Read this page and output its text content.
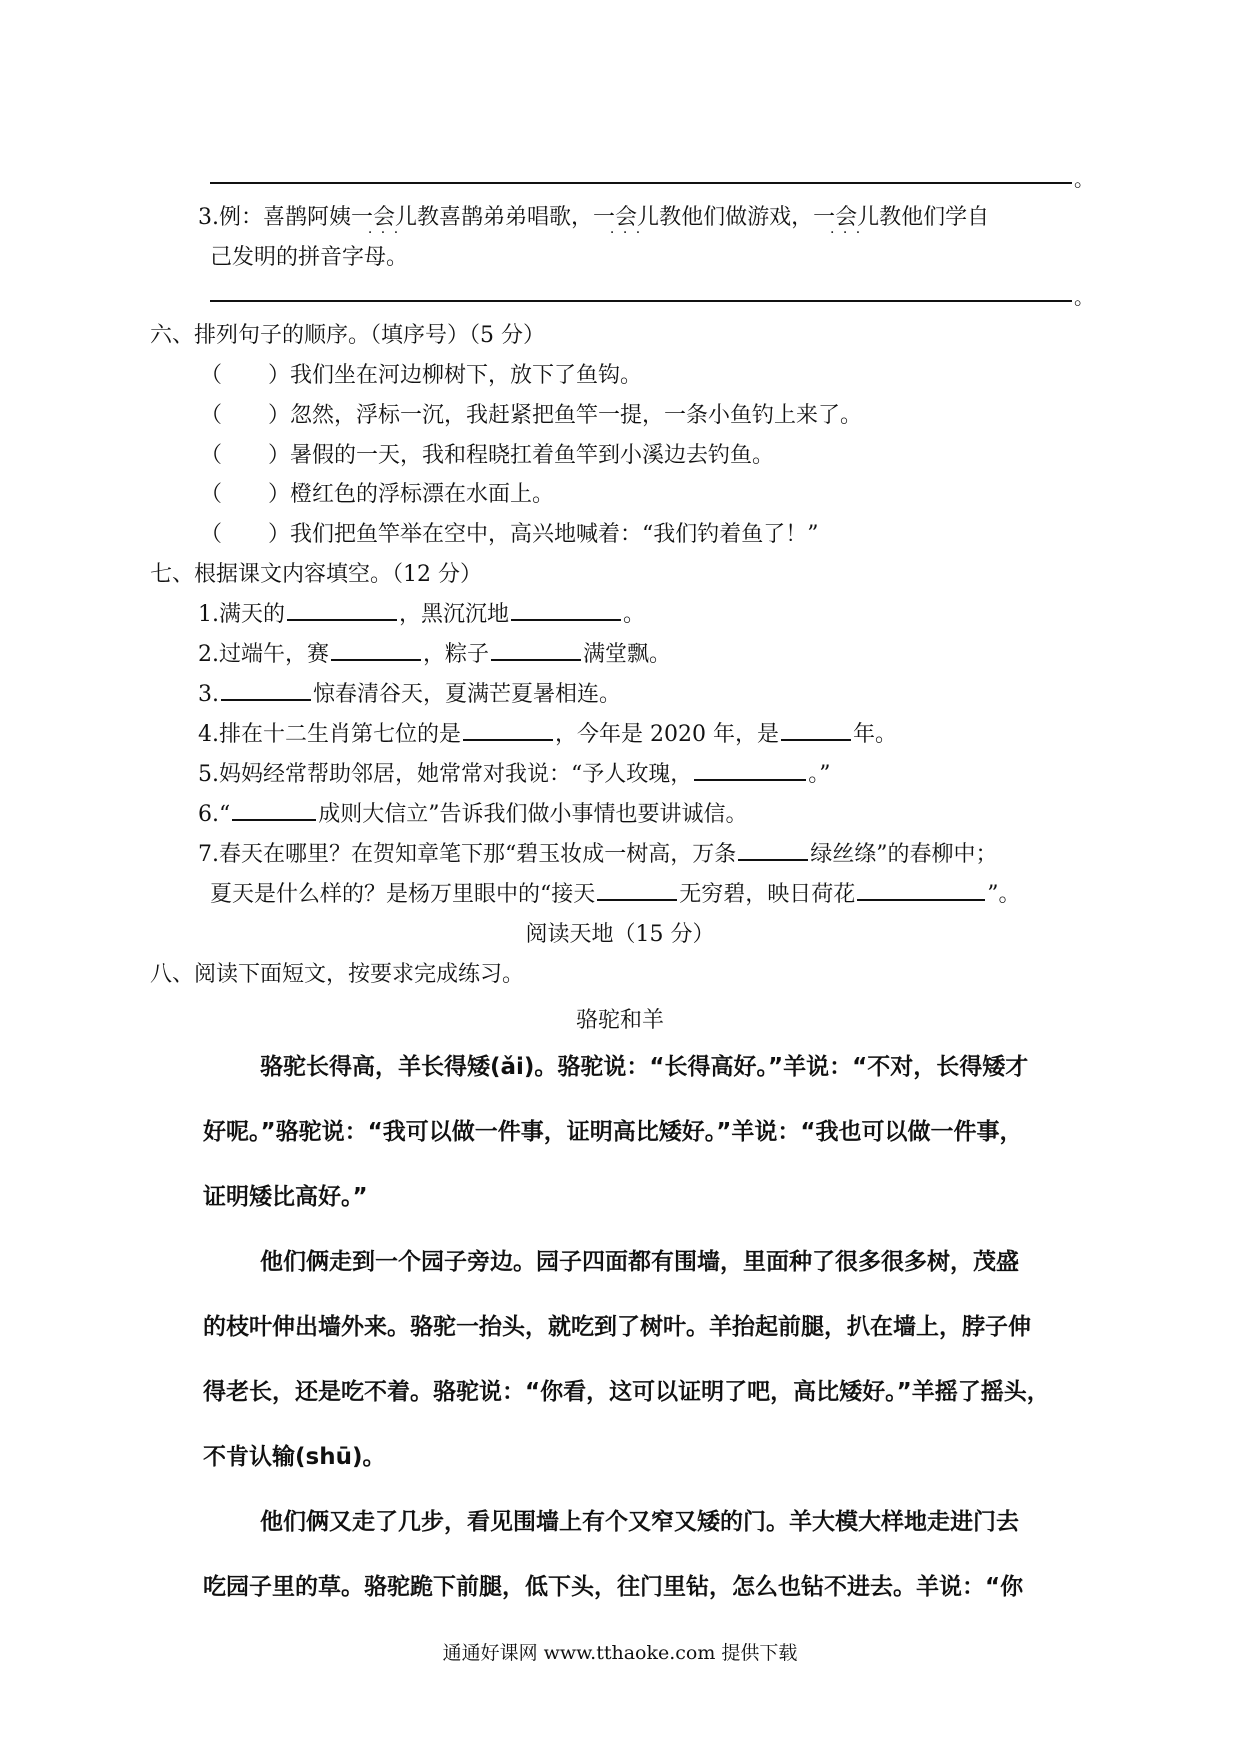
。
3.例：喜鹊阿姨一会儿 · · ·教喜鹊弟弟唱歌，一会儿 · · ·教他们做游戏，一会儿 · · ·教他们学自
己发明的拼音字母。
。
六、排列句子的顺序。（填序号）（5 分）
（ ）我们坐在河边柳树下，放下了鱼钩。
（ ）忽然，浮标一沉，我赶紧把鱼竿一提，一条小鱼钓上来了。
（ ）暑假的一天，我和程晓扛着鱼竿到小溪边去钓鱼。
（ ）橙红色的浮标漂在水面上。
（ ）我们把鱼竿举在空中，高兴地喊着：“我们钓着鱼了！”
七、根据课文内容填空。（12 分）
1.满天的	，黑沉沉地	。
2.过端午，赛	，粽子	满堂飘。
3.	惊春清谷天，夏满芒夏暑相连。
4.排在十二生肖第七位的是	，今年是 2020 年，是	年。
5.妈妈经常帮助邻居，她常常对我说：“予人玫瑰，	。”
6.“	成则大信立”告诉我们做小事情也要讲诚信。
7.春天在哪里？在贺知章笔下那“碧玉妆成一树高，万条	绿丝绦”的春柳中；
夏天是什么样的？是杨万里眼中的“接天	无穷碧，映日荷花	”。
阅读天地（15 分）
八、阅读下面短文，按要求完成练习。
骆驼和羊
骆驼长得高，羊长得矮(ǎi)。骆驼说：“长得高好。”羊说：“不对，长得矮才
好呢。”骆驼说：“我可以做一件事，证明高比矮好。”羊说：“我也可以做一件事，
证明矮比高好。”
他们俩走到一个园子旁边。园子四面都有围墙，里面种了很多很多树，茂盛
的枝叶伸出墙外来。骆驼一抬头，就吃到了树叶。羊抬起前腿，扒在墙上，脖子伸
得老长，还是吃不着。骆驼说：“你看，这可以证明了吧，高比矮好。”羊摇了摇头，
不肯认输(shū)。
他们俩又走了几步，看见围墙上有个又窄又矮的门。羊大模大样地走进门去
吃园子里的草。骆驼跪下前腿，低下头，往门里钻，怎么也钻不进去。羊说：“你
通通好课网 www.tthaoke.com 提供下载
